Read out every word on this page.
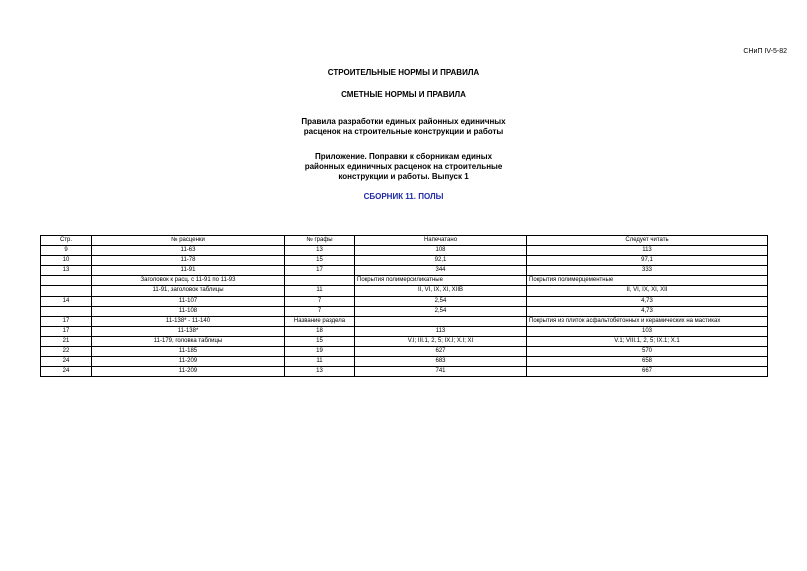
СНиП IV-5-82
СТРОИТЕЛЬНЫЕ НОРМЫ И ПРАВИЛА
СМЕТНЫЕ НОРМЫ И ПРАВИЛА
Правила разработки единых районных единичных
расценок на строительные конструкции и работы
Приложение. Поправки к сборникам единых
районных единичных расценок на строительные
конструкции и работы. Выпуск 1
СБОРНИК 11. ПОЛЫ
Стр.	№ расценки	№ графы	Напечатано	Следует читать
9	11-63	13	108	113
10	11-78	15	92,1	97,1
13	11-91	17	344	333
	Заголовок к расц. с 11-91 по 11-93		Покрытия полимерсиликатные	Покрытия полимерцементные
	11-91, заголовок таблицы	11	II, VI, IX, XI, XIIB	II, VI, IX, XI, XII
14	11-107	7	2,54	4,73
	11-108	7	2,54	4,73
17	11-138* - 11-140	Название раздела		Покрытия из плиток асфальтобетонных и керамических на мастиках
17	11-138*	18	113	103
21	11-179, головка таблицы	15	V.I; III.1, 2, 5; IX.I; X.I; XI	V.1; VIII.1, 2, 5; IX.1; X.1
22	11-185	19	627	570
24	11-209	11	683	658
24	11-209	13	741	667
